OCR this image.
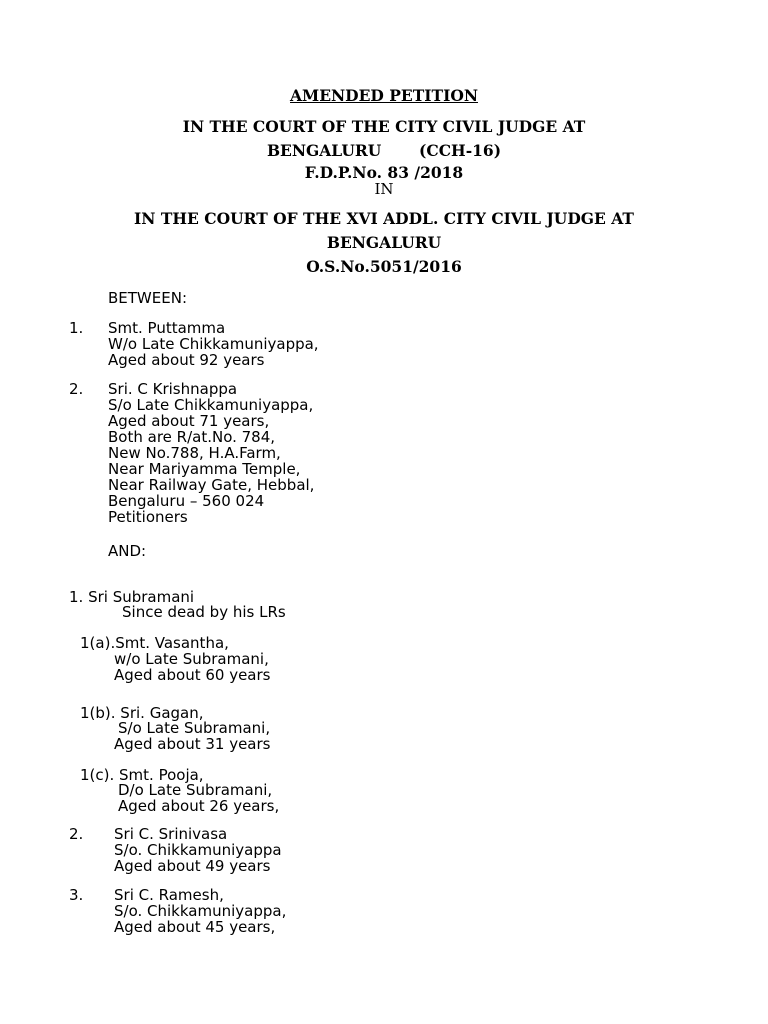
AMENDED PETITION
IN THE COURT OF THE CITY CIVIL JUDGE AT
BENGALURU       (CCH-16)
F.D.P.No. 83 /2018
IN
IN THE COURT OF THE XVI ADDL. CITY CIVIL JUDGE AT
BENGALURU
O.S.No.5051/2016
BETWEEN:
1. Smt. Puttamma
W/o Late Chikkamuniyappa,
Aged about 92 years
2. Sri. C Krishnappa
S/o Late Chikkamuniyappa,
Aged about 71 years,
Both are R/at.No. 784,
New No.788, H.A.Farm,
Near Mariyamma Temple,
Near Railway Gate, Hebbal,
Bengaluru – 560 024
Petitioners
AND:
1. Sri Subramani
Since dead by his LRs
1(a).Smt. Vasantha,
w/o Late Subramani,
Aged about 60 years
1(b). Sri. Gagan,
S/o Late Subramani,
Aged about 31 years
1(c). Smt. Pooja,
D/o Late Subramani,
Aged about 26 years,
2. Sri C. Srinivasa
S/o. Chikkamuniyappa
Aged about 49 years
3. Sri C. Ramesh,
S/o. Chikkamuniyappa,
Aged about 45 years,
